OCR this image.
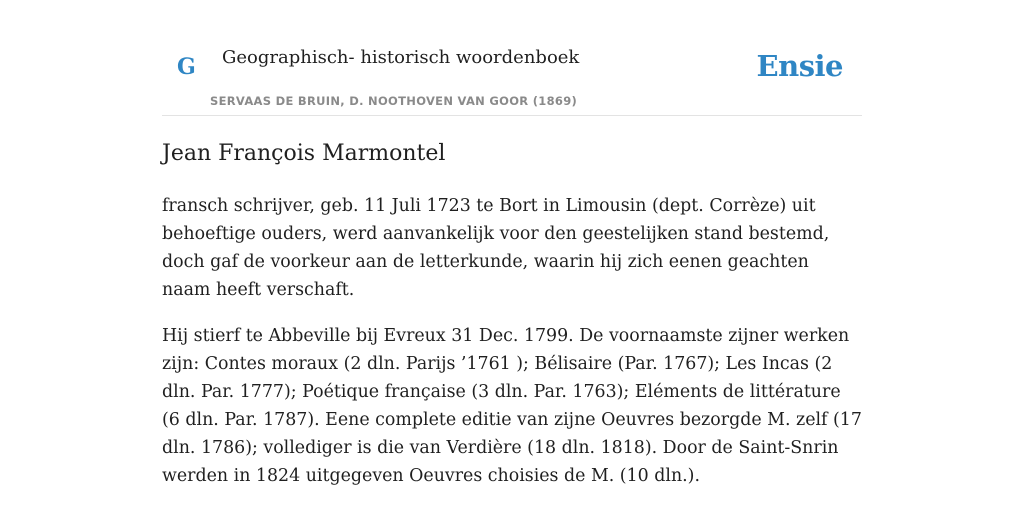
G Geographisch- historisch woordenboek
SERVAAS DE BRUIN, D. NOOTHOVEN VAN GOOR (1869)
Ensie
Jean François Marmontel

fransch schrijver, geb. 11 Juli 1723 te Bort in Limousin (dept. Corrèze) uit behoeftige ouders, werd aanvankelijk voor den geestelijken stand bestemd, doch gaf de voorkeur aan de letterkunde, waarin hij zich eenen geachten naam heeft verschaft.

Hij stierf te Abbeville bij Evreux 31 Dec. 1799. De voornaamste zijner werken zijn: Contes moraux (2 dln. Parijs ’1761 ); Bélisaire (Par. 1767); Les Incas (2 dln. Par. 1777); Poétique française (3 dln. Par. 1763); Eléments de littérature (6 dln. Par. 1787). Eene complete editie van zijne Oeuvres bezorgde M. zelf (17 dln. 1786); vollediger is die van Verdière (18 dln. 1818). Door de Saint-Snrin werden in 1824 uitgegeven Oeuvres choisies de M. (10 dln.).
